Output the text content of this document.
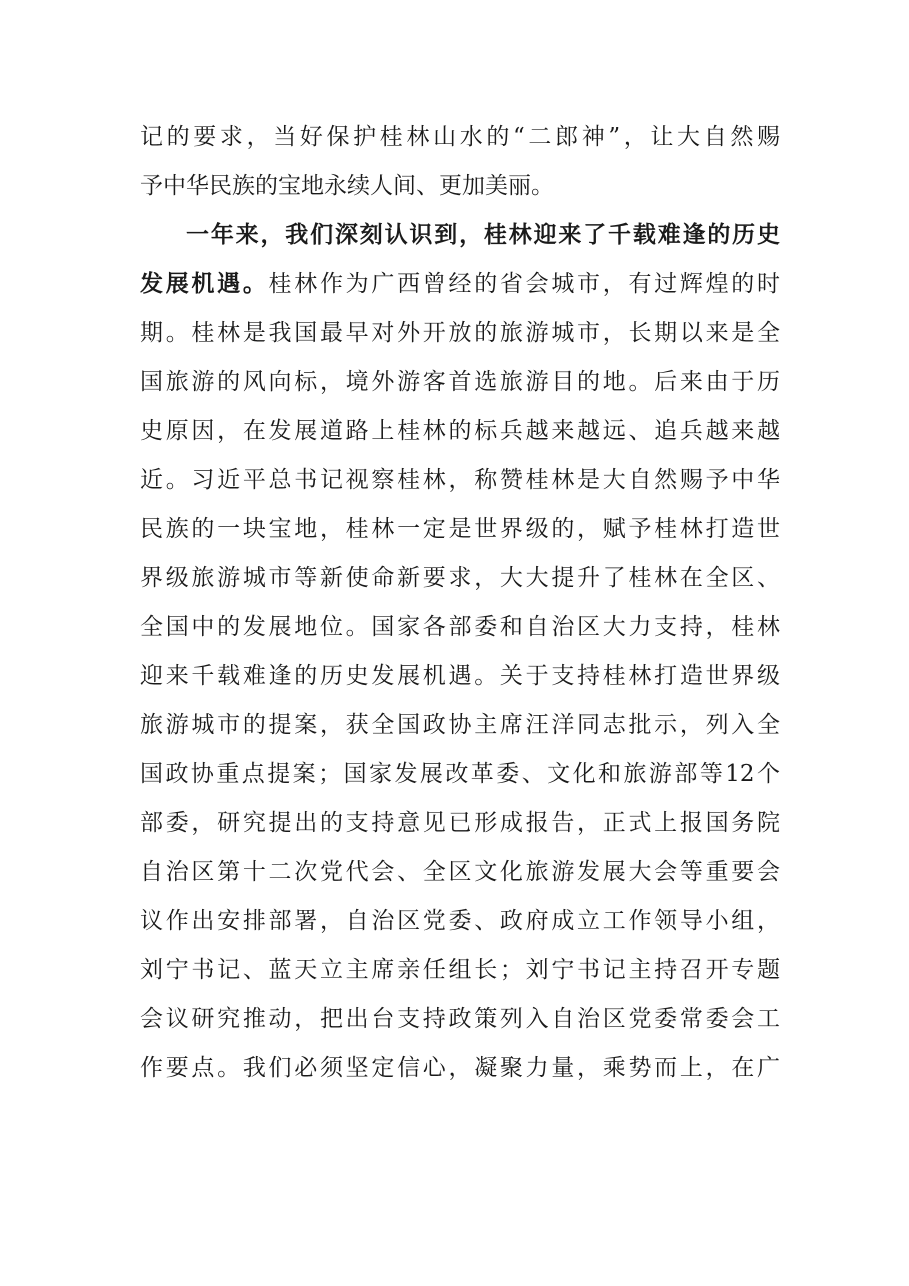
记的要求，当好保护桂林山水的“二郎神”，让大自然赐
予中华民族的宝地永续人间、更加美丽。
一年来，我们深刻认识到，桂林迎来了千载难逢的历史
发展机遇。桂林作为广西曾经的省会城市，有过辉煌的时
期。桂林是我国最早对外开放的旅游城市，长期以来是全
国旅游的风向标，境外游客首选旅游目的地。后来由于历
史原因，在发展道路上桂林的标兵越来越远、追兵越来越
近。习近平总书记视察桂林，称赞桂林是大自然赐予中华
民族的一块宝地，桂林一定是世界级的，赋予桂林打造世
界级旅游城市等新使命新要求，大大提升了桂林在全区、
全国中的发展地位。国家各部委和自治区大力支持，桂林
迎来千载难逢的历史发展机遇。关于支持桂林打造世界级
旅游城市的提案，获全国政协主席汪洋同志批示，列入全
国政协重点提案；国家发展改革委、文化和旅游部等12个
部委，研究提出的支持意见已形成报告，正式上报国务院
自治区第十二次党代会、全区文化旅游发展大会等重要会
议作出安排部署，自治区党委、政府成立工作领导小组，
刘宁书记、蓝天立主席亲任组长；刘宁书记主持召开专题
会议研究推动，把出台支持政策列入自治区党委常委会工
作要点。我们必须坚定信心，凝聚力量，乘势而上，在广
